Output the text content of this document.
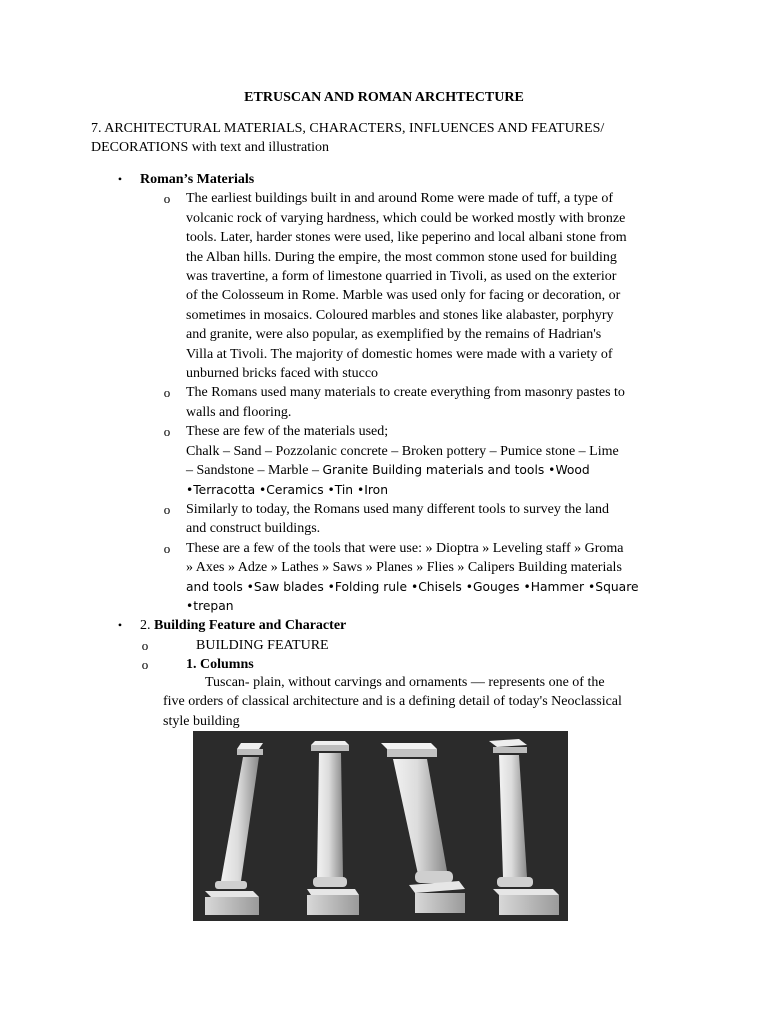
ETRUSCAN AND ROMAN ARCHTECTURE
7. ARCHITECTURAL MATERIALS, CHARACTERS, INFLUENCES AND FEATURES/
DECORATIONS with text and illustration
• Roman’s Materials
o The earliest buildings built in and around Rome were made of tuff, a type of
volcanic rock of varying hardness, which could be worked mostly with bronze
tools. Later, harder stones were used, like peperino and local albani stone from
the Alban hills. During the empire, the most common stone used for building
was travertine, a form of limestone quarried in Tivoli, as used on the exterior
of the Colosseum in Rome. Marble was used only for facing or decoration, or
sometimes in mosaics. Coloured marbles and stones like alabaster, porphyry
and granite, were also popular, as exemplified by the remains of Hadrian's
Villa at Tivoli. The majority of domestic homes were made with a variety of
unburned bricks faced with stucco
o The Romans used many materials to create everything from masonry pastes to
walls and flooring.
o These are few of the materials used;
Chalk – Sand – Pozzolanic concrete – Broken pottery – Pumice stone – Lime
– Sandstone – Marble – Granite Building materials and tools •Wood
•Terracotta •Ceramics •Tin •Iron
o Similarly to today, the Romans used many different tools to survey the land
and construct buildings.
o These are a few of the tools that were use: » Dioptra » Leveling staff » Groma
» Axes » Adze » Lathes » Saws » Planes » Flies » Calipers Building materials
and tools •Saw blades •Folding rule •Chisels •Gouges •Hammer •Square
•trepan
• 2. Building Feature and Character
o	BUILDING FEATURE
o	1. Columns
Tuscan- plain, without carvings and ornaments — represents one of the
five orders of classical architecture and is a defining detail of today's Neoclassical
style building
